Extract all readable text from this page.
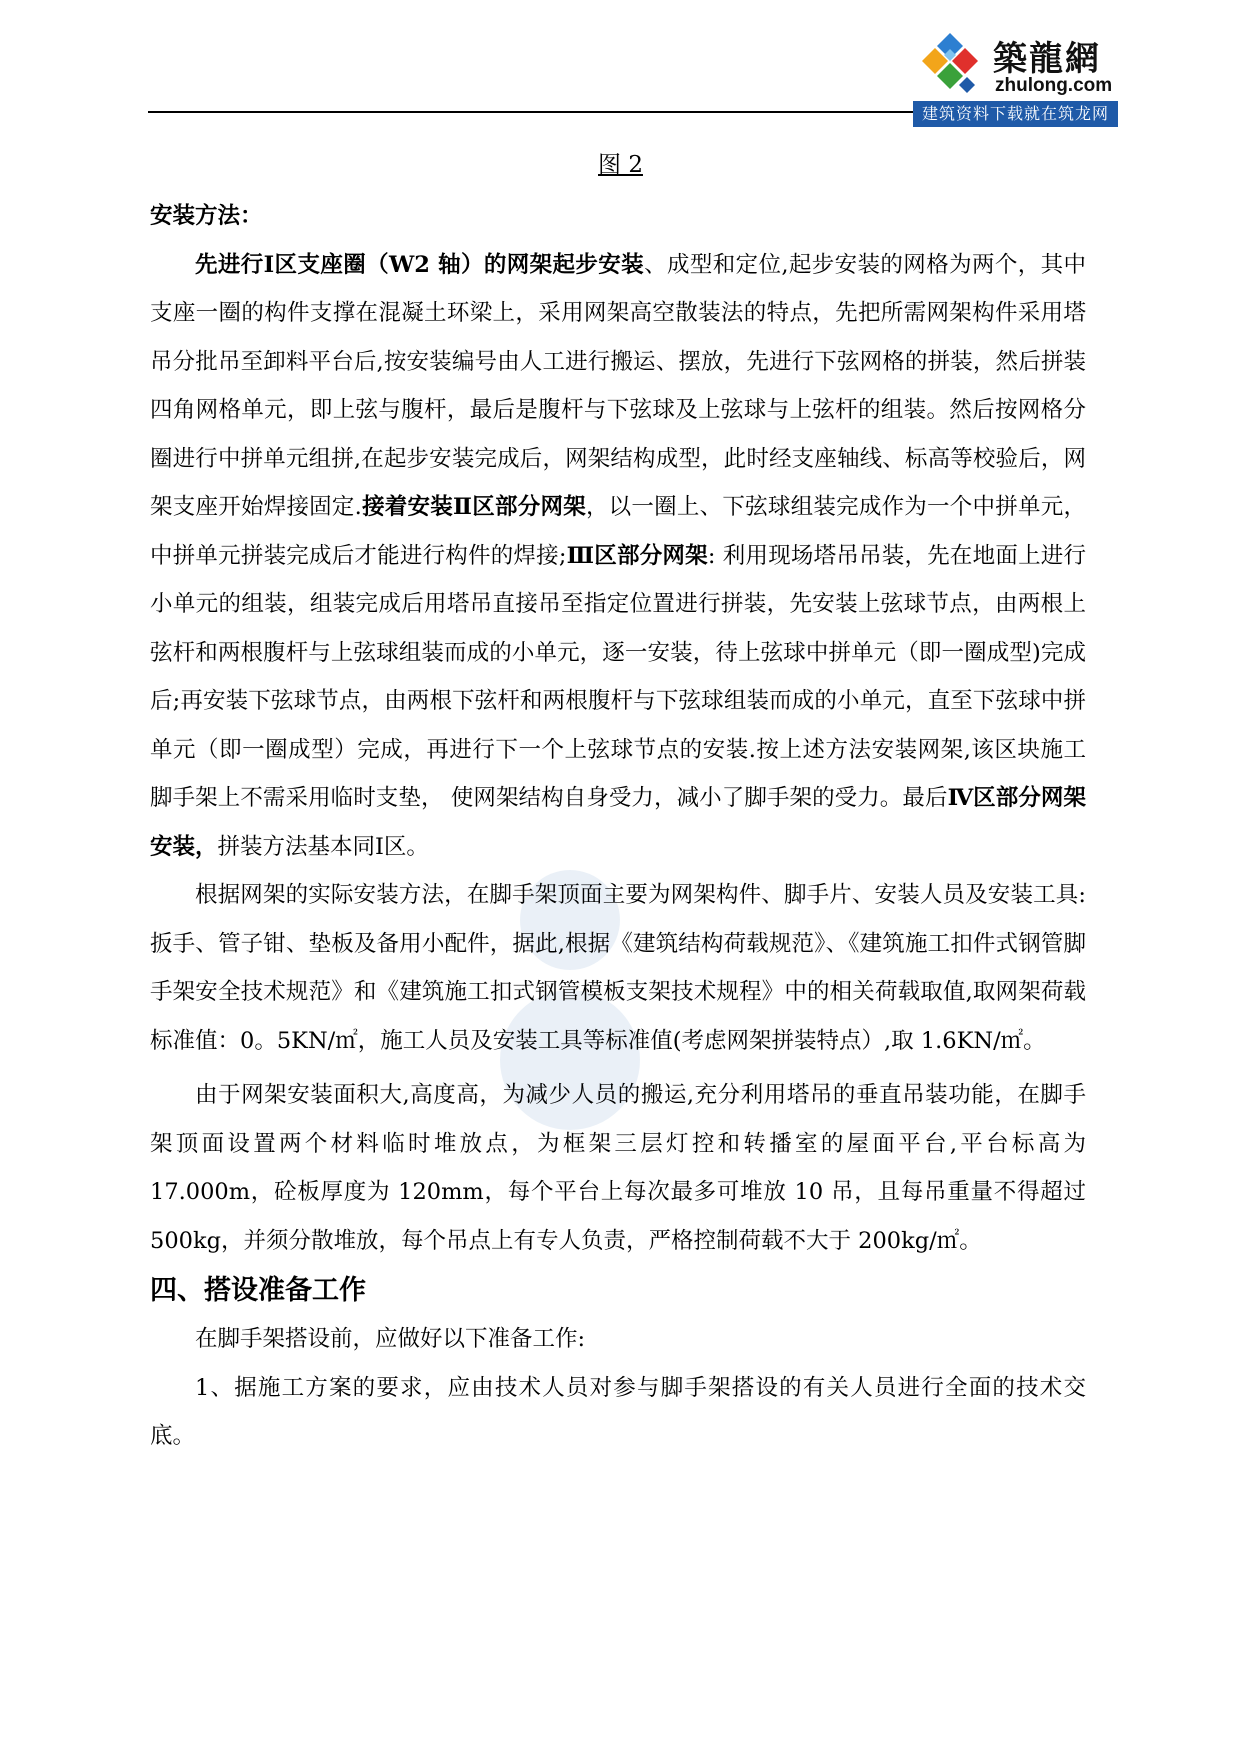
築龍網
zhulong.com
建筑资料下载就在筑龙网
图 2

安装方法：

先进行Ⅰ区支座圈（W2 轴）的网架起步安装、成型和定位,起步安装的网格为两个，其中支座一圈的构件支撑在混凝土环梁上，采用网架高空散装法的特点，先把所需网架构件采用塔吊分批吊至卸料平台后,按安装编号由人工进行搬运、摆放，先进行下弦网格的拼装，然后拼装四角网格单元，即上弦与腹杆，最后是腹杆与下弦球及上弦球与上弦杆的组装。然后按网格分圈进行中拼单元组拼,在起步安装完成后，网架结构成型，此时经支座轴线、标高等校验后，网架支座开始焊接固定.接着安装Ⅱ区部分网架，以一圈上、下弦球组装完成作为一个中拼单元，中拼单元拼装完成后才能进行构件的焊接;Ⅲ区部分网架: 利用现场塔吊吊装，先在地面上进行小单元的组装，组装完成后用塔吊直接吊至指定位置进行拼装，先安装上弦球节点，由两根上弦杆和两根腹杆与上弦球组装而成的小单元，逐一安装，待上弦球中拼单元（即一圈成型)完成后;再安装下弦球节点，由两根下弦杆和两根腹杆与下弦球组装而成的小单元，直至下弦球中拼单元（即一圈成型）完成，再进行下一个上弦球节点的安装.按上述方法安装网架,该区块施工脚手架上不需采用临时支垫， 使网架结构自身受力，减小了脚手架的受力。最后Ⅳ区部分网架安装，拼装方法基本同Ⅰ区。

根据网架的实际安装方法，在脚手架顶面主要为网架构件、脚手片、安装人员及安装工具: 扳手、管子钳、垫板及备用小配件，据此,根据《建筑结构荷载规范》、《建筑施工扣件式钢管脚手架安全技术规范》和《建筑施工扣式钢管模板支架技术规程》中的相关荷载取值,取网架荷载标准值：0。5KN/㎡，施工人员及安装工具等标准值(考虑网架拼装特点）,取 1.6KN/㎡。

由于网架安装面积大,高度高，为减少人员的搬运,充分利用塔吊的垂直吊装功能，在脚手架顶面设置两个材料临时堆放点，为框架三层灯控和转播室的屋面平台,平台标高为 17.000m，砼板厚度为 120mm，每个平台上每次最多可堆放 10 吊，且每吊重量不得超过 500kg，并须分散堆放，每个吊点上有专人负责，严格控制荷载不大于 200kg/㎡。

四、搭设准备工作

在脚手架搭设前，应做好以下准备工作:

1、据施工方案的要求，应由技术人员对参与脚手架搭设的有关人员进行全面的技术交底。
